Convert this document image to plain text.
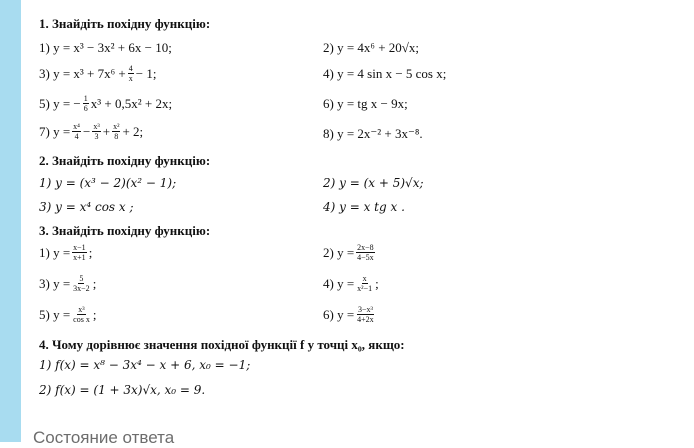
1. Знайдіть похідну функцію:
1) y = x³ − 3x² + 6x − 10;	2) y = 4x⁶ + 20√x;
3) $y = x^3 + 7x^6 + \frac{4}{x} - 1$;	4) y = 4 sin x − 5 cos x;
5) y = − $\frac{1}{6} x^3 + 0,5x^2 + 2x$;	6) y = tg x − 9x;
7) $y = \frac{\text{x⁴}}{4} - \frac{\text{x³}}{3} + \frac{\text{x²}}{8} + 2$;	8) y = 2x⁻² + 3x⁻⁸.
2. Знайдіть похідну функцію:
1) y = (x³ − 2)(x² − 1);	2) y = (x + 5)√x;
3) y = x⁴ cos x ;	4) y = x tg x .
3. Знайдіть похідну функцію:
1) $y = \frac{x-1}{x+1}$ ;	2) $y = \frac{2x-8}{4-5x}$
3) $y = \frac{5}{3x-2}$ ;	4) $y = \frac{x}{\text{x²−1}}$ ;
5) $y = \frac{\text{x³}}{\text{cos x}}$ ;	6) $y = \frac{\text{3−x³}}{4+2x}$
4. Чому дорівнює значення похідної функції f у точці x₀, якщо:
1) f(x) = x⁸ − 3x⁴ − x + 6, x₀ = −1;
2) f(x) = (1 + 3x)√x, x₀ = 9.
Состояние ответа
